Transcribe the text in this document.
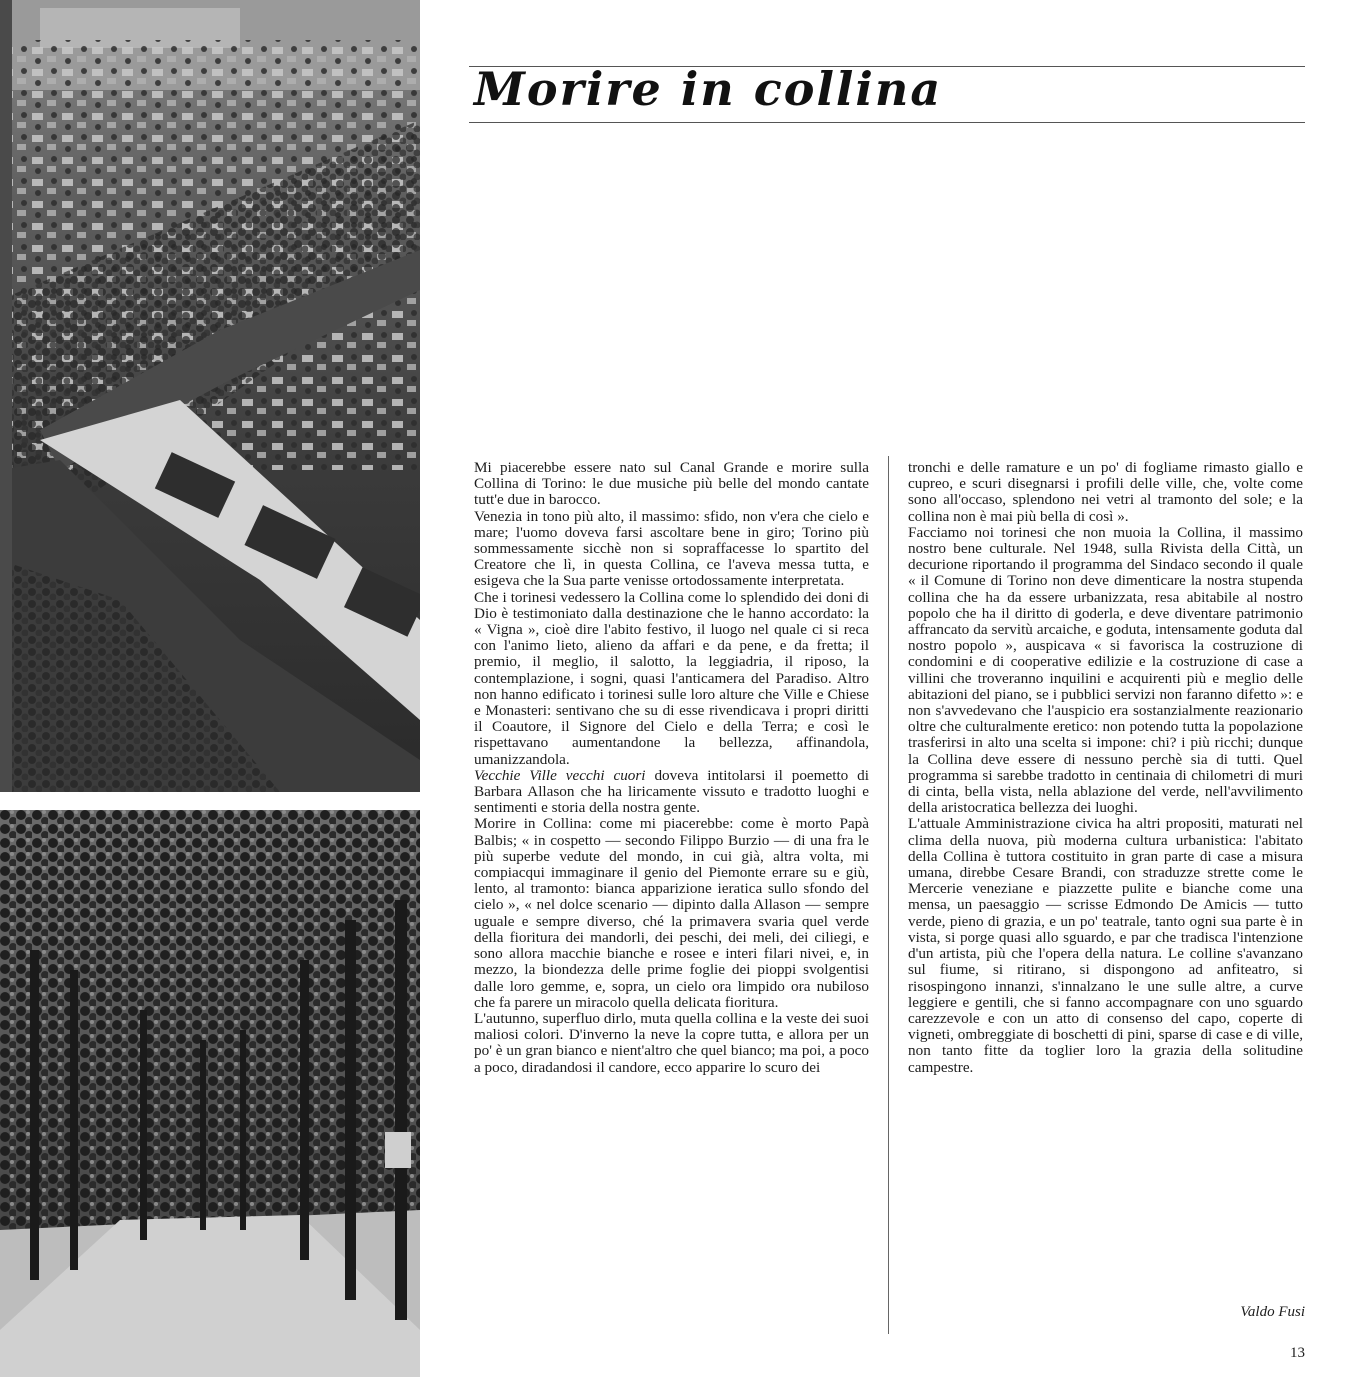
Morire in collina

Mi piacerebbe essere nato sul Canal Grande e morire sulla Collina di Torino: le due musiche più belle del mondo cantate tutt'e due in barocco.

Venezia in tono più alto, il massimo: sfido, non v'era che cielo e mare; l'uomo doveva farsi ascoltare bene in giro; Torino più sommessamente sicchè non si sopraffacesse lo spartito del Creatore che lì, in questa Collina, ce l'aveva messa tutta, e esigeva che la Sua parte venisse ortodossamente interpretata.

Che i torinesi vedessero la Collina come lo splendido dei doni di Dio è testimoniato dalla destinazione che le hanno accordato: la « Vigna », cioè dire l'abito festivo, il luogo nel quale ci si reca con l'animo lieto, alieno da affari e da pene, e da fretta; il premio, il meglio, il salotto, la leggiadria, il riposo, la contemplazione, i sogni, quasi l'anticamera del Paradiso. Altro non hanno edificato i torinesi sulle loro alture che Ville e Chiese e Monasteri: sentivano che su di esse rivendicava i propri diritti il Coautore, il Signore del Cielo e della Terra; e così le rispettavano aumentandone la bellezza, affinandola, umanizzandola.

Vecchie Ville vecchi cuori doveva intitolarsi il poemetto di Barbara Allason che ha liricamente vissuto e tradotto luoghi e sentimenti e storia della nostra gente.

Morire in Collina: come mi piacerebbe: come è morto Papà Balbis; « in cospetto — secondo Filippo Burzio — di una fra le più superbe vedute del mondo, in cui già, altra volta, mi compiacqui immaginare il genio del Piemonte errare su e giù, lento, al tramonto: bianca apparizione ieratica sullo sfondo del cielo », « nel dolce scenario — dipinto dalla Allason — sempre uguale e sempre diverso, ché la primavera svaria quel verde della fioritura dei mandorli, dei peschi, dei meli, dei ciliegi, e sono allora macchie bianche e rosee e interi filari nivei, e, in mezzo, la biondezza delle prime foglie dei pioppi svolgentisi dalle loro gemme, e, sopra, un cielo ora limpido ora nubiloso che fa parere un miracolo quella delicata fioritura.

L'autunno, superfluo dirlo, muta quella collina e la veste dei suoi maliosi colori. D'inverno la neve la copre tutta, e allora per un po' è un gran bianco e nient'altro che quel bianco; ma poi, a poco a poco, diradandosi il candore, ecco apparire lo scuro dei

tronchi e delle ramature e un po' di fogliame rimasto giallo e cupreo, e scuri disegnarsi i profili delle ville, che, volte come sono all'occaso, splendono nei vetri al tramonto del sole; e la collina non è mai più bella di così ».

Facciamo noi torinesi che non muoia la Collina, il massimo nostro bene culturale. Nel 1948, sulla Rivista della Città, un decurione riportando il programma del Sindaco secondo il quale « il Comune di Torino non deve dimenticare la nostra stupenda collina che ha da essere urbanizzata, resa abitabile al nostro popolo che ha il diritto di goderla, e deve diventare patrimonio affrancato da servitù arcaiche, e goduta, intensamente goduta dal nostro popolo », auspicava « si favorisca la costruzione di condomini e di cooperative edilizie e la costruzione di case a villini che troveranno inquilini e acquirenti più e meglio delle abitazioni del piano, se i pubblici servizi non faranno difetto »: e non s'avvedevano che l'auspicio era sostanzialmente reazionario oltre che culturalmente eretico: non potendo tutta la popolazione trasferirsi in alto una scelta si impone: chi? i più ricchi; dunque la Collina deve essere di nessuno perchè sia di tutti. Quel programma si sarebbe tradotto in centinaia di chilometri di muri di cinta, bella vista, nella ablazione del verde, nell'avvilimento della aristocratica bellezza dei luoghi.

L'attuale Amministrazione civica ha altri propositi, maturati nel clima della nuova, più moderna cultura urbanistica: l'abitato della Collina è tuttora costituito in gran parte di case a misura umana, direbbe Cesare Brandi, con straduzze strette come le Mercerie veneziane e piazzette pulite e bianche come una mensa, un paesaggio — scrisse Edmondo De Amicis — tutto verde, pieno di grazia, e un po' teatrale, tanto ogni sua parte è in vista, si porge quasi allo sguardo, e par che tradisca l'intenzione d'un artista, più che l'opera della natura. Le colline s'avanzano sul fiume, si ritirano, si dispongono ad anfiteatro, si risospingono innanzi, s'innalzano le une sulle altre, a curve leggiere e gentili, che si fanno accompagnare con uno sguardo carezzevole e con un atto di consenso del capo, coperte di vigneti, ombreggiate di boschetti di pini, sparse di case e di ville, non tanto fitte da toglier loro la grazia della solitudine campestre.

Valdo Fusi

13
